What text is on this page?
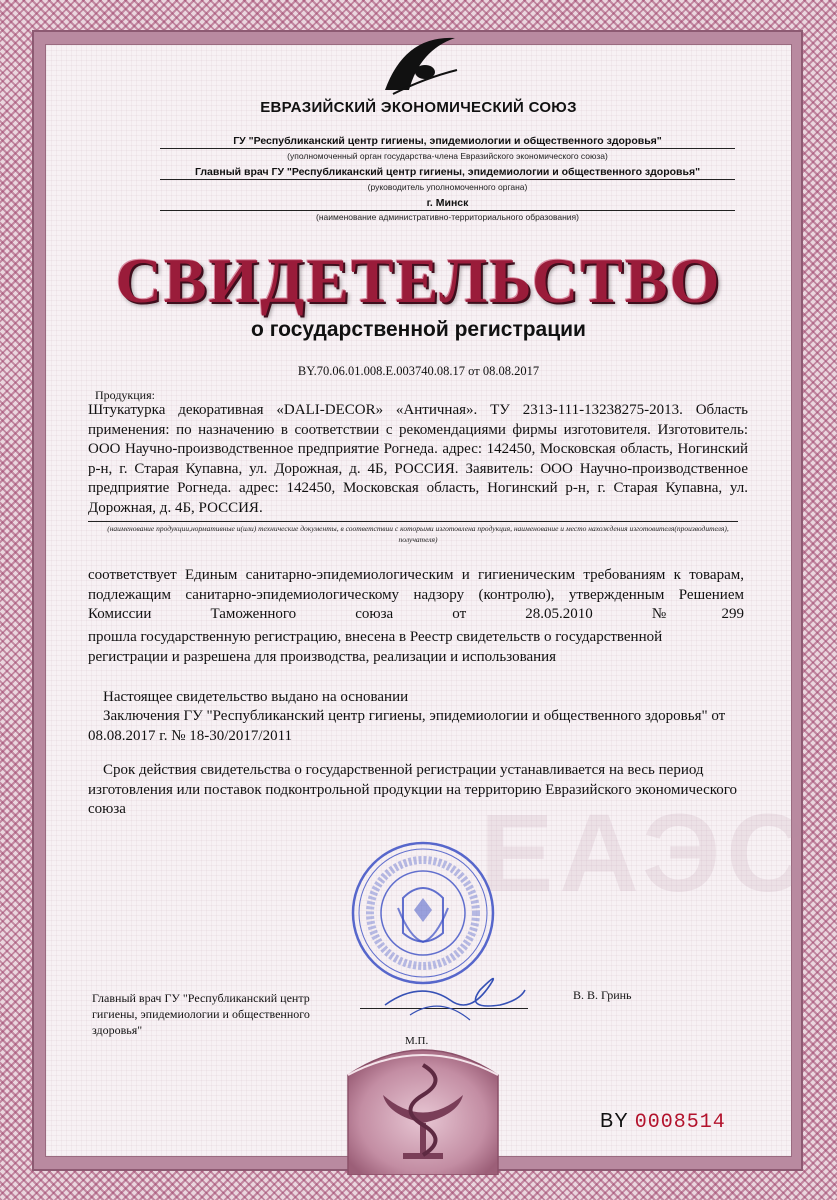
ЕВРАЗИЙСКИЙ ЭКОНОМИЧЕСКИЙ СОЮЗ
ГУ "Республиканский центр гигиены, эпидемиологии и общественного здоровья"
(уполномоченный орган государства-члена Евразийского экономического союза)
Главный врач ГУ "Республиканский центр гигиены, эпидемиологии и общественного здоровья"
(руководитель уполномоченного органа)
г. Минск
(наименование административно-территориального образования)
СВИДЕТЕЛЬСТВО
о государственной регистрации
BY.70.06.01.008.Е.003740.08.17 от 08.08.2017
Продукция:
Штукатурка декоративная «DALI-DECOR» «Античная». ТУ 2313-111-13238275-2013. Область применения: по назначению в соответствии с рекомендациями фирмы изготовителя. Изготовитель: ООО Научно-производственное предприятие Рогнеда. адрес: 142450, Московская область, Ногинский р-н, г. Старая Купавна, ул. Дорожная, д. 4Б, РОССИЯ. Заявитель: ООО Научно-производственное предприятие Рогнеда. адрес: 142450, Московская область, Ногинский р-н, г. Старая Купавна, ул. Дорожная, д. 4Б, РОССИЯ.
(наименование продукции,нормативные и(или) технические документы, в соответствии с которыми изготовлена продукция, наименование и место нахождения изготовителя(производителя), получателя)
соответствует Единым санитарно-эпидемиологическим и гигиеническим требованиям к товарам, подлежащим санитарно-эпидемиологическому надзору (контролю), утвержденным Решением Комиссии Таможенного союза от 28.05.2010 №299
прошла государственную регистрацию, внесена в Реестр свидетельств о государственной регистрации и разрешена для производства, реализации и использования
Настоящее свидетельство выдано на основании
Заключения ГУ "Республиканский центр гигиены, эпидемиологии и общественного здоровья" от 08.08.2017 г. № 18-30/2017/2011
Срок действия свидетельства о государственной регистрации устанавливается на весь период изготовления или поставок подконтрольной продукции на территорию Евразийского экономического союза	ЕАЭС
Главный врач ГУ "Республиканский центр гигиены, эпидемиологии и общественного здоровья"
В. В. Гринь
М.П.
BY 0008514
